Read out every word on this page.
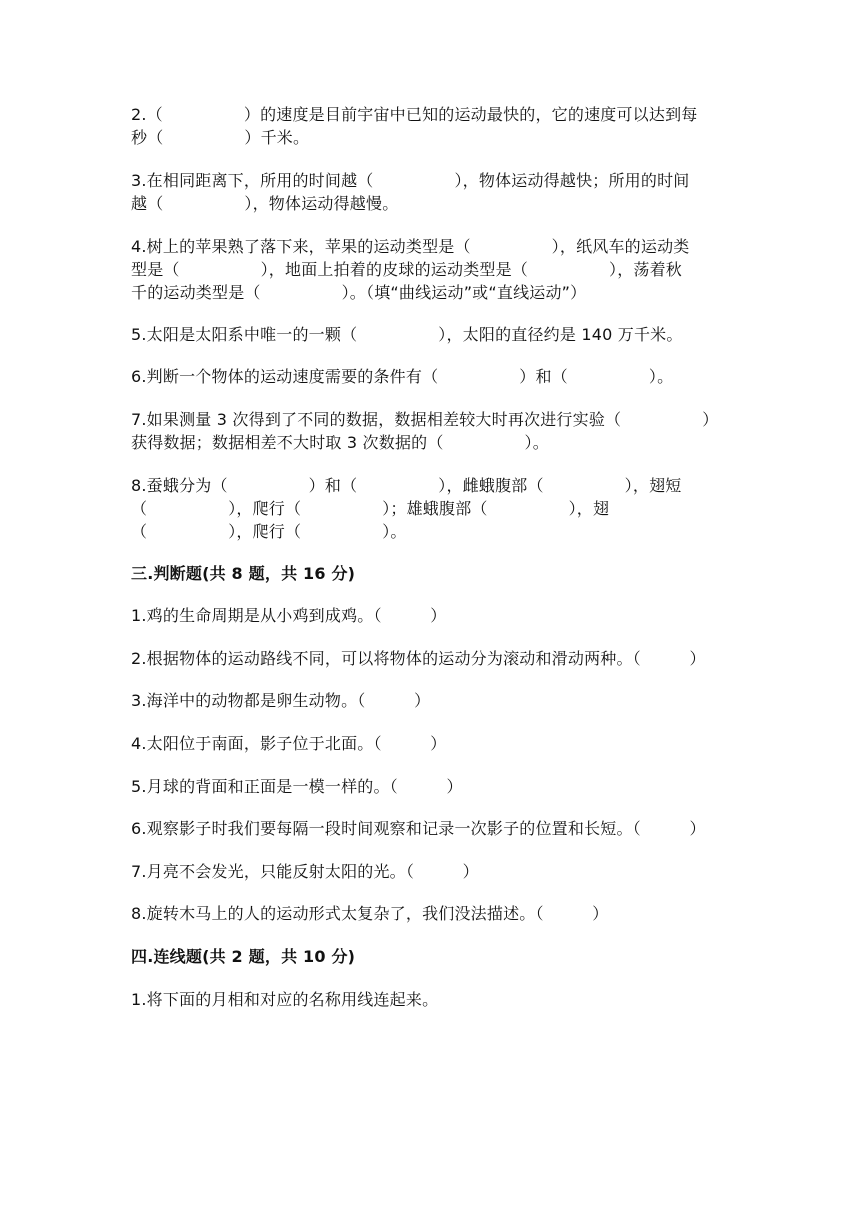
2.（　　　　　）的速度是目前宇宙中已知的运动最快的，它的速度可以达到每
秒（　　　　　）千米。
3.在相同距离下，所用的时间越（　　　　　），物体运动得越快；所用的时间
越（　　　　　），物体运动得越慢。
4.树上的苹果熟了落下来，苹果的运动类型是（　　　　　），纸风车的运动类
型是（　　　　　），地面上拍着的皮球的运动类型是（　　　　　），荡着秋
千的运动类型是（　　　　　）。（填“曲线运动”或“直线运动”）
5.太阳是太阳系中唯一的一颗（　　　　　），太阳的直径约是 140 万千米。
6.判断一个物体的运动速度需要的条件有（　　　　　）和（　　　　　）。
7.如果测量 3 次得到了不同的数据，数据相差较大时再次进行实验（　　　　　）
获得数据；数据相差不大时取 3 次数据的（　　　　　）。
8.蚕蛾分为（　　　　　）和（　　　　　），雌蛾腹部（　　　　　），翅短
（　　　　　），爬行（　　　　　）；雄蛾腹部（　　　　　），翅
（　　　　　），爬行（　　　　　）。
三.判断题(共 8 题，共 16 分)
1.鸡的生命周期是从小鸡到成鸡。（　　　）
2.根据物体的运动路线不同，可以将物体的运动分为滚动和滑动两种。（　　　）
3.海洋中的动物都是卵生动物。（　　　）
4.太阳位于南面，影子位于北面。（　　　）
5.月球的背面和正面是一模一样的。（　　　）
6.观察影子时我们要每隔一段时间观察和记录一次影子的位置和长短。（　　　）
7.月亮不会发光，只能反射太阳的光。（　　　）
8.旋转木马上的人的运动形式太复杂了，我们没法描述。（　　　）
四.连线题(共 2 题，共 10 分)
1.将下面的月相和对应的名称用线连起来。
